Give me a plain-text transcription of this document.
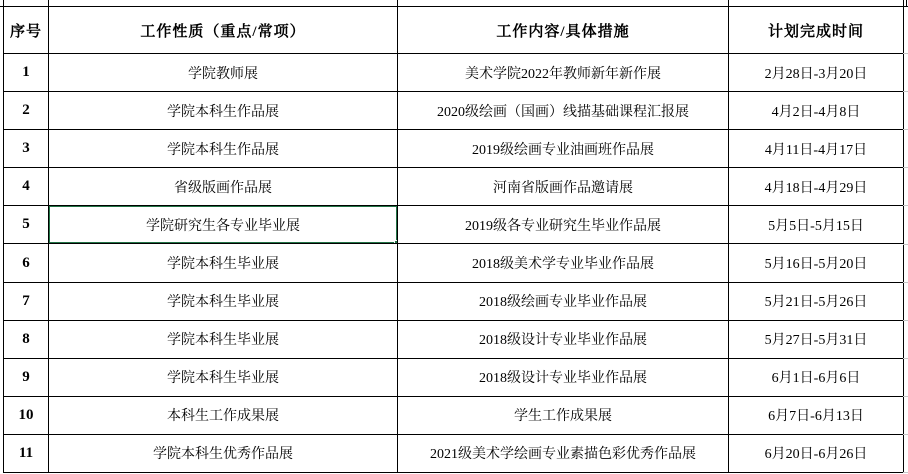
序号	工作性质（重点/常项）	工作内容/具体措施	计划完成时间
1	学院教师展	美术学院2022年教师新年新作展	2月28日-3月20日
2	学院本科生作品展	2020级绘画（国画）线描基础课程汇报展	4月2日-4月8日
3	学院本科生作品展	2019级绘画专业油画班作品展	4月11日-4月17日
4	省级版画作品展	河南省版画作品邀请展	4月18日-4月29日
5	学院研究生各专业毕业展	2019级各专业研究生毕业作品展	5月5日-5月15日
6	学院本科生毕业展	2018级美术学专业毕业作品展	5月16日-5月20日
7	学院本科生毕业展	2018级绘画专业毕业作品展	5月21日-5月26日
8	学院本科生毕业展	2018级设计专业毕业作品展	5月27日-5月31日
9	学院本科生毕业展	2018级设计专业毕业作品展	6月1日-6月6日
10	本科生工作成果展	学生工作成果展	6月7日-6月13日
11	学院本科生优秀作品展	2021级美术学绘画专业素描色彩优秀作品展	6月20日-6月26日
